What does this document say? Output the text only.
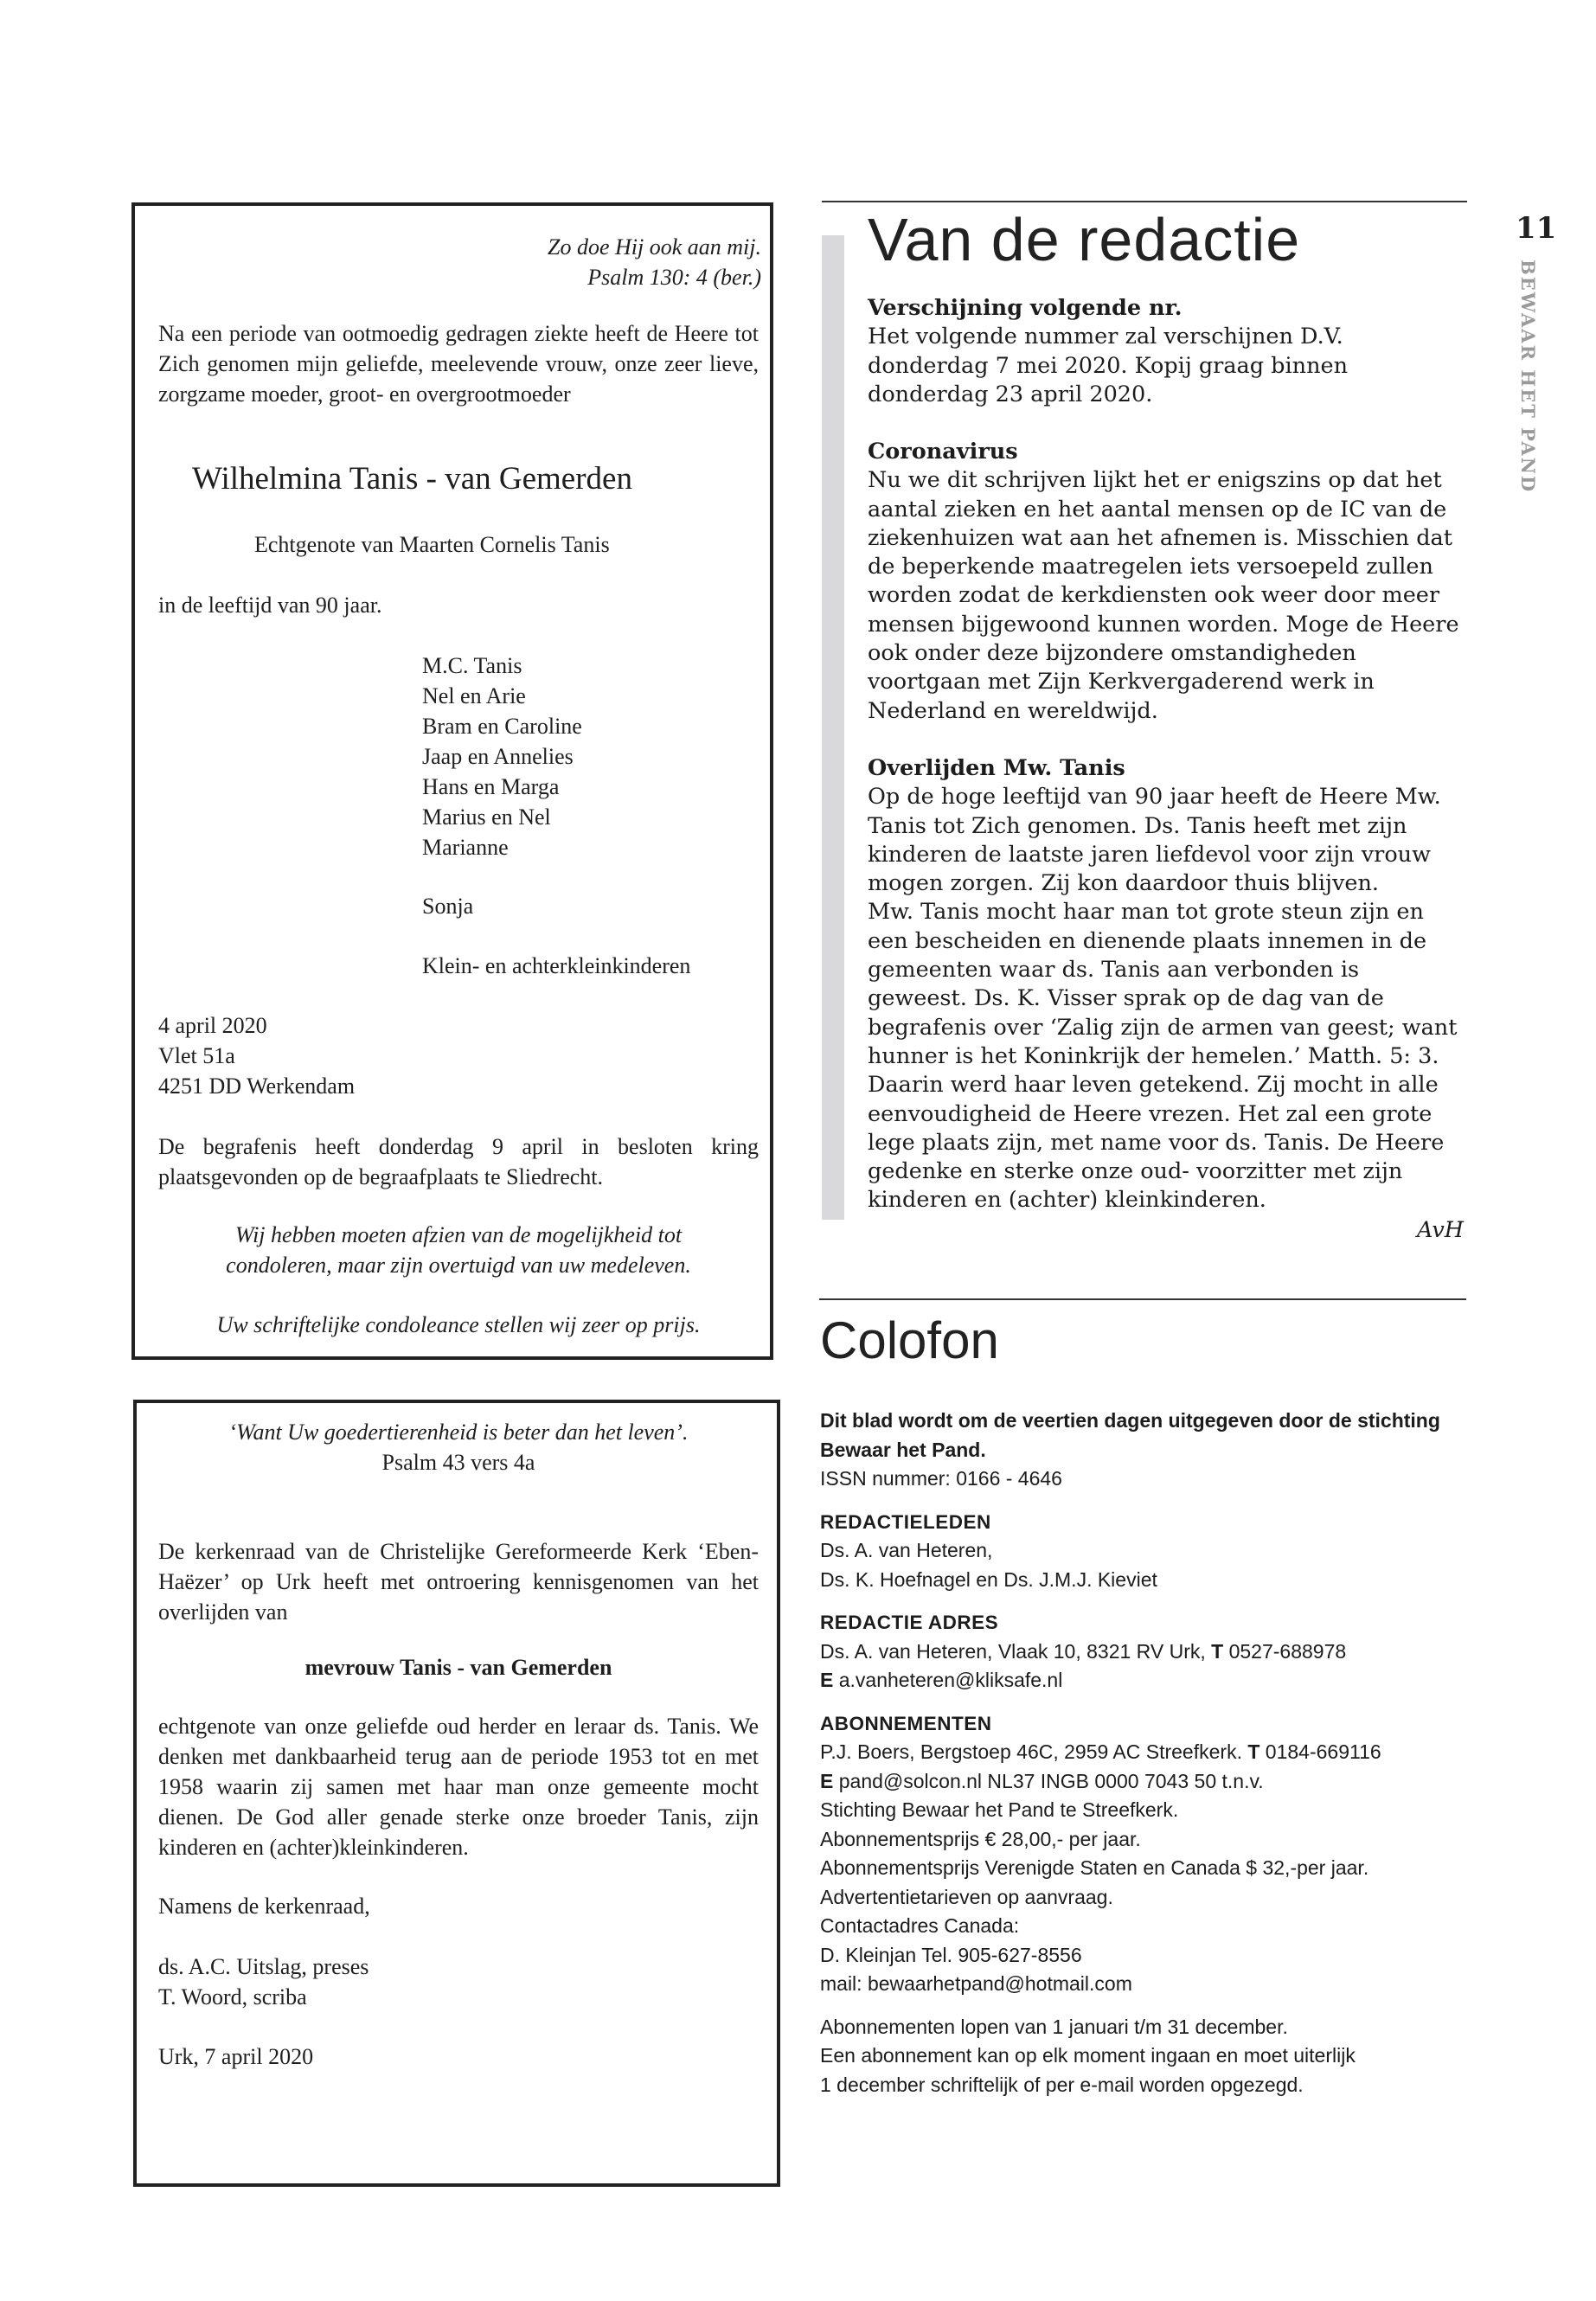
Zo doe Hij ook aan mij.
Psalm 130: 4 (ber.)
Na een periode van ootmoedig gedragen ziekte heeft de Heere tot Zich genomen mijn geliefde, meelevende vrouw, onze zeer lieve, zorgzame moeder, groot- en overgrootmoeder
Wilhelmina Tanis - van Gemerden
Echtgenote van Maarten Cornelis Tanis
in de leeftijd van 90 jaar.
M.C. Tanis
Nel en Arie
Bram en Caroline
Jaap en Annelies
Hans en Marga
Marius en Nel
Marianne
Sonja
Klein- en achterkleinkinderen
4 april 2020
Vlet 51a
4251 DD Werkendam
De begrafenis heeft donderdag 9 april in besloten kring plaatsgevonden op de begraafplaats te Sliedrecht.
Wij hebben moeten afzien van de mogelijkheid tot
condoleren, maar zijn overtuigd van uw medeleven.
Uw schriftelijke condoleance stellen wij zeer op prijs.
‘Want Uw goedertierenheid is beter dan het leven’.
Psalm 43 vers 4a
De kerkenraad van de Christelijke Gereformeerde Kerk ‘Eben-Haëzer’ op Urk heeft met ontroering kennisgenomen van het overlijden van
mevrouw Tanis - van Gemerden
echtgenote van onze geliefde oud herder en leraar ds. Tanis. We denken met dankbaarheid terug aan de periode 1953 tot en met 1958 waarin zij samen met haar man onze gemeente mocht dienen. De God aller genade sterke onze broeder Tanis, zijn kinderen en (achter)kleinkinderen.
Namens de kerkenraad,
ds. A.C. Uitslag, preses
T. Woord, scriba
Urk, 7 april 2020
Van de redactie
Verschijning volgende nr.
Het volgende nummer zal verschijnen D.V. donderdag 7 mei 2020. Kopij graag binnen donderdag 23 april 2020.
Coronavirus
Nu we dit schrijven lijkt het er enigszins op dat het aantal zieken en het aantal mensen op de IC van de ziekenhuizen wat aan het afnemen is. Misschien dat de beperkende maatregelen iets versoepeld zullen worden zodat de kerkdiensten ook weer door meer mensen bijgewoond kunnen worden. Moge de Heere ook onder deze bijzondere omstandigheden voortgaan met Zijn Kerkvergaderend werk in Nederland en wereldwijd.
Overlijden Mw. Tanis
Op de hoge leeftijd van 90 jaar heeft de Heere Mw. Tanis tot Zich genomen. Ds. Tanis heeft met zijn kinderen de laatste jaren liefdevol voor zijn vrouw mogen zorgen. Zij kon daardoor thuis blijven.
Mw. Tanis mocht haar man tot grote steun zijn en een bescheiden en dienende plaats innemen in de gemeenten waar ds. Tanis aan verbonden is geweest. Ds. K. Visser sprak op de dag van de begrafenis over ‘Zalig zijn de armen van geest; want hunner is het Koninkrijk der hemelen.’ Matth. 5: 3. Daarin werd haar leven getekend. Zij mocht in alle eenvoudigheid de Heere vrezen. Het zal een grote lege plaats zijn, met name voor ds. Tanis. De Heere gedenke en sterke onze oud- voorzitter met zijn kinderen en (achter) kleinkinderen.
AvH
Colofon
Dit blad wordt om de veertien dagen uitgegeven door de stichting Bewaar het Pand.
ISSN nummer: 0166 - 4646
REDACTIELEDEN
Ds. A. van Heteren,
Ds. K. Hoefnagel en Ds. J.M.J. Kieviet
REDACTIE ADRES
Ds. A. van Heteren, Vlaak 10, 8321 RV Urk, T 0527-688978
E a.vanheteren@kliksafe.nl
ABONNEMENTEN
P.J. Boers, Bergstoep 46C, 2959 AC Streefkerk. T 0184-669116
E pand@solcon.nl NL37 INGB 0000 7043 50 t.n.v.
Stichting Bewaar het Pand te Streefkerk.
Abonnementsprijs € 28,00,- per jaar.
Abonnementsprijs Verenigde Staten en Canada $ 32,-per jaar.
Advertentietarieven op aanvraag.
Contactadres Canada:
D. Kleinjan Tel. 905-627-8556
mail: bewaarhetpand@hotmail.com
Abonnementen lopen van 1 januari t/m 31 december.
Een abonnement kan op elk moment ingaan en moet uiterlijk
1 december schriftelijk of per e-mail worden opgezegd.
11
BEWAAR HET PAND
